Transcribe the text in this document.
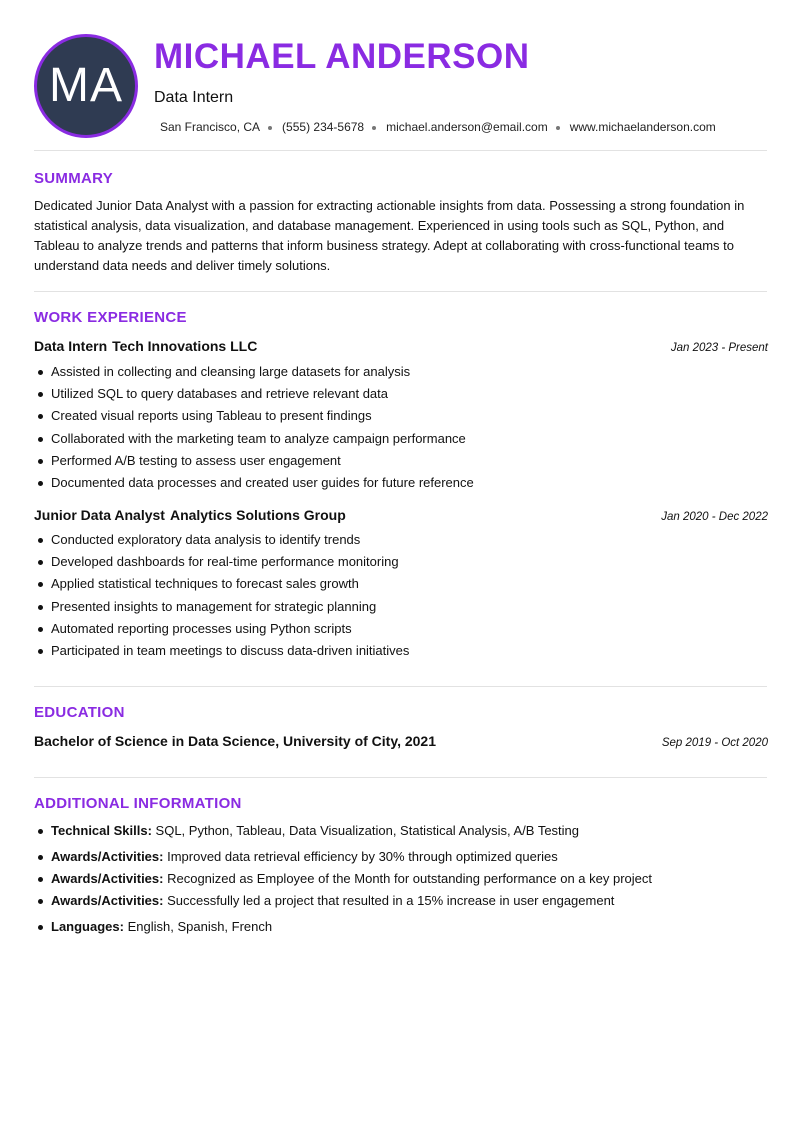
MA
MICHAEL ANDERSON

Data Intern

San Francisco, CA (555) 234-5678 michael.anderson@email.com www.michaelanderson.com
SUMMARY

Dedicated Junior Data Analyst with a passion for extracting actionable insights from data. Possessing a strong foundation in statistical analysis, data visualization, and database management. Experienced in using tools such as SQL, Python, and Tableau to analyze trends and patterns that inform business strategy. Adept at collaborating with cross-functional teams to understand data needs and deliver timely solutions.

WORK EXPERIENCE
Data Intern Tech Innovations LLC	Jan 2023 - Present
Assisted in collecting and cleansing large datasets for analysis
Utilized SQL to query databases and retrieve relevant data
Created visual reports using Tableau to present findings
Collaborated with the marketing team to analyze campaign performance
Performed A/B testing to assess user engagement
Documented data processes and created user guides for future reference
Junior Data Analyst Analytics Solutions Group	Jan 2020 - Dec 2022
Conducted exploratory data analysis to identify trends
Developed dashboards for real-time performance monitoring
Applied statistical techniques to forecast sales growth
Presented insights to management for strategic planning
Automated reporting processes using Python scripts
Participated in team meetings to discuss data-driven initiatives
EDUCATION
Bachelor of Science in Data Science, University of City, 2021	Sep 2019 - Oct 2020
ADDITIONAL INFORMATION
Technical Skills: SQL, Python, Tableau, Data Visualization, Statistical Analysis, A/B Testing
Awards/Activities: Improved data retrieval efficiency by 30% through optimized queries
Awards/Activities: Recognized as Employee of the Month for outstanding performance on a key project
Awards/Activities: Successfully led a project that resulted in a 15% increase in user engagement
Languages: English, Spanish, French
